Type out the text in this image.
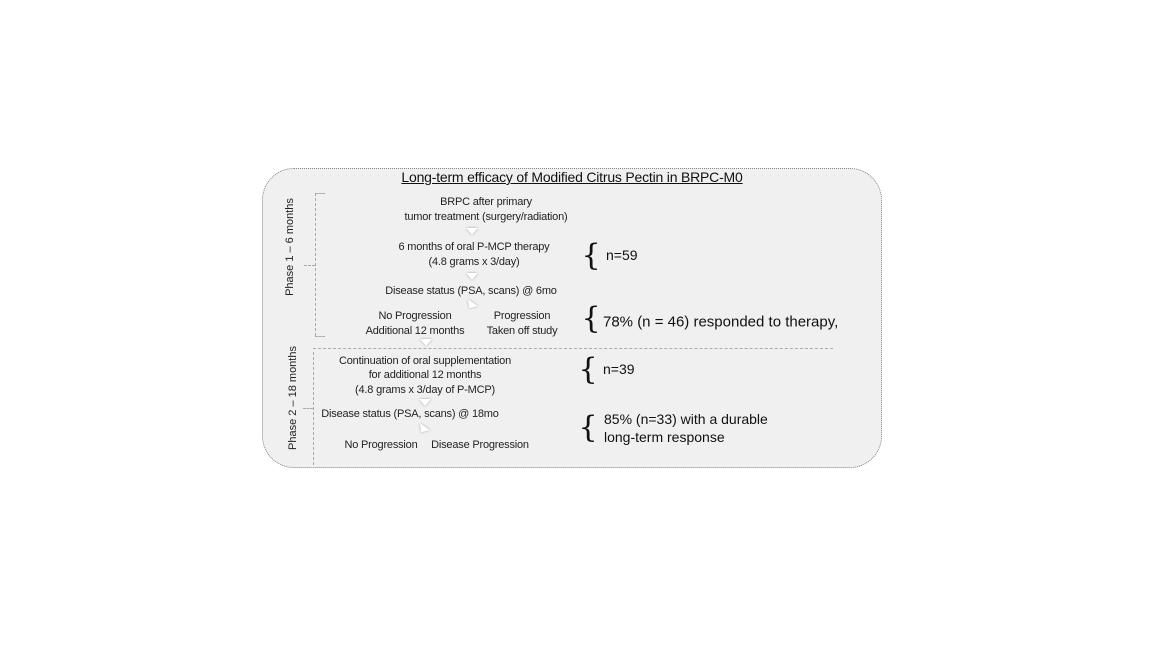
Long-term efficacy of Modified Citrus Pectin in BRPC-M0
Phase 1 – 6 months
Phase 2 – 18 months
BRPC after primary
tumor treatment (surgery/radiation)
6 months of oral P-MCP therapy
(4.8 grams x 3/day)
Disease status (PSA, scans) @ 6mo
No Progression
Additional 12 months
Progression
Taken off study
{ n=59
{ 78% (n = 46) responded to therapy,
Continuation of oral supplementation
for additional 12 months
(4.8 grams x 3/day of P-MCP)
Disease status (PSA, scans) @ 18mo
No Progression Disease Progression
{ n=39
{ 85% (n=33) with a durable
long-term response
